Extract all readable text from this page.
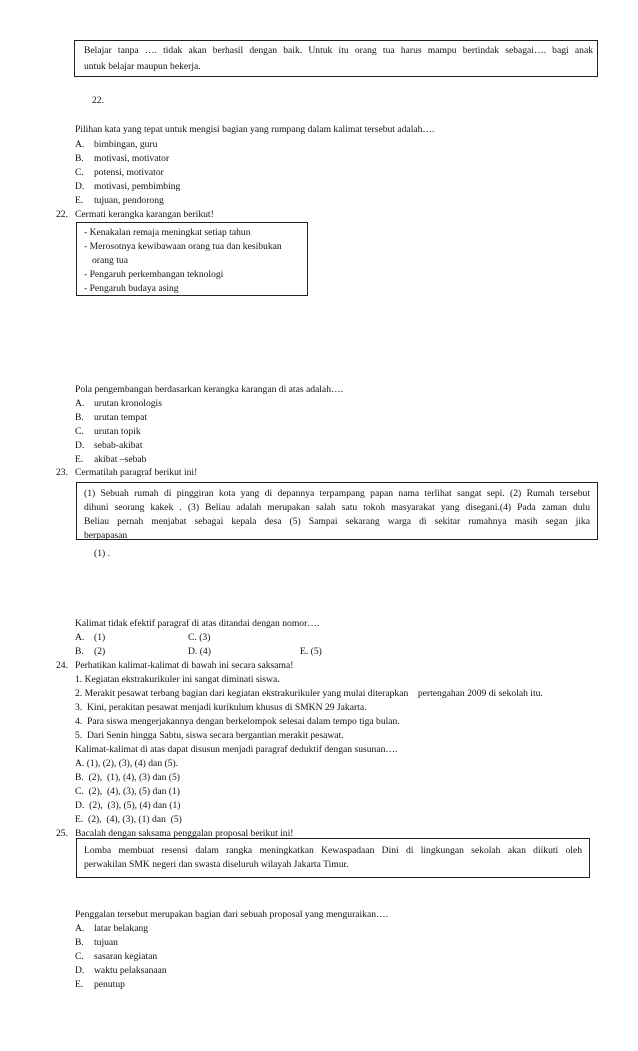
Belajar tanpa …. tidak akan berhasil dengan baik. Untuk itu orang tua harus mampu bertindak sebagai…. bagi anak
untuk belajar maupun bekerja.
22.
Pilihan kata yang tepat untuk mengisi bagian yang rumpang dalam kalimat tersebut adalah….
A. bimbingan, guru
B. motivasi, motivator
C. potensi, motivator
D. motivasi, pembimbing
E. tujuan, pendorong
22. Cermati kerangka karangan berikut!
- Kenakalan remaja meningkat setiap tahun
- Merosotnya kewibawaan orang tua dan kesibukan
orang tua
- Pengaruh perkembangan teknologi
- Pengaruh budaya asing
Pola pengembangan berdasarkan kerangka karangan di atas adalah….
A. urutan kronologis
B. urutan tempat
C. urutan topik
D. sebab-akibat
E. akibat –sebab
23. Cermatilah paragraf berikut ini!
(1) Sebuah rumah di pinggiran kota yang di depannya terpampang papan nama terlihat sangat sepi. (2) Rumah tersebut
dihuni seorang kakek . (3) Beliau adalah merupakan salah satu tokoh masyarakat yang disegani.(4) Pada zaman dulu
Beliau pernah menjabat sebagai kepala desa (5) Sampai sekarang warga di sekitar rumahnya masih segan jika
berpapasan
(1) .
Kalimat tidak efektif paragraf di atas ditandai dengan nomor….
A. (1)	C. (3)
B. (2)	D. (4)	E. (5)
24. Perhatikan kalimat-kalimat di bawah ini secara saksama!
1. Kegiatan ekstrakurikuler ini sangat diminati siswa.
2. Merakit pesawat terbang bagian dari kegiatan ekstrakurikuler yang mulai diterapkan    pertengahan 2009 di sekolah itu.
3.  Kini, perakitan pesawat menjadi kurikulum khusus di SMKN 29 Jakarta.
4.  Para siswa mengerjakannya dengan berkelompok selesai dalam tempo tiga bulan.
5.  Dari Senin hingga Sabtu, siswa secara bergantian merakit pesawat.
Kalimat-kalimat di atas dapat disusun menjadi paragraf deduktif dengan susunan….
A. (1), (2), (3), (4) dan (5).
B.  (2),  (1), (4), (3) dan (5)
C.  (2),  (4), (3), (5) dan (1)
D.  (2),  (3), (5), (4) dan (1)
E.  (2),  (4), (3), (1) dan  (5)
25. Bacalah dengan saksama penggalan proposal berikut ini!
Lomba membuat resensi dalam rangka meningkatkan Kewaspadaan Dini di lingkungan sekolah akan diikuti oleh
perwakilan SMK negeri dan swasta diseluruh wilayah Jakarta Timur.
Penggalan tersebut merupakan bagian dari sebuah proposal yang menguraikan….
A. latar belakang
B. tujuan
C. sasaran kegiatan
D. waktu pelaksanaan
E. penutup
